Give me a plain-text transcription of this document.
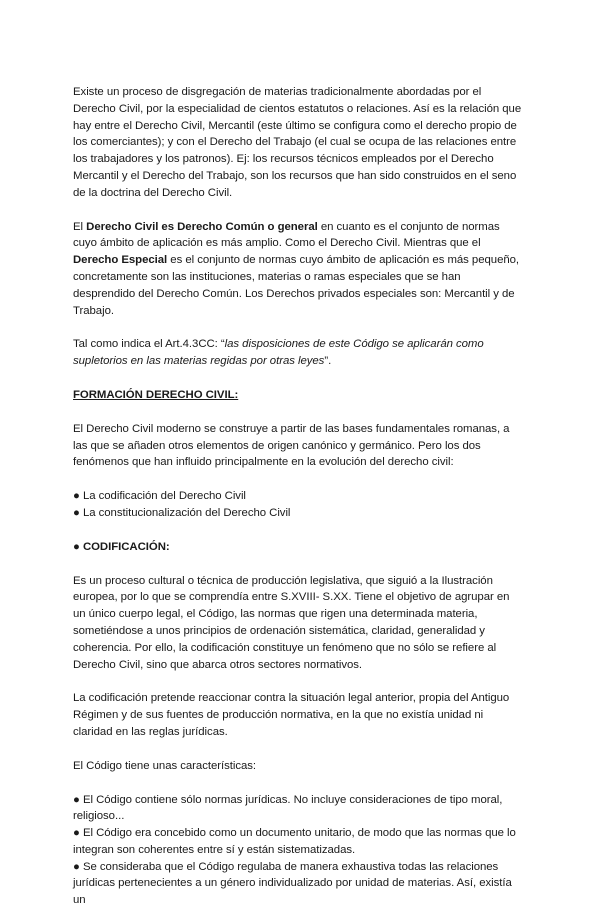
Existe un proceso de disgregación de materias tradicionalmente abordadas por el Derecho Civil, por la especialidad de cientos estatutos o relaciones. Así es la relación que hay entre el Derecho Civil, Mercantil (este último se configura como el derecho propio de los comerciantes); y con el Derecho del Trabajo (el cual se ocupa de las relaciones entre los trabajadores y los patronos). Ej: los recursos técnicos empleados por el Derecho Mercantil y el Derecho del Trabajo, son los recursos que han sido construidos en el seno de la doctrina del Derecho Civil.

El Derecho Civil es Derecho Común o general en cuanto es el conjunto de normas cuyo ámbito de aplicación es más amplio. Como el Derecho Civil. Mientras que el Derecho Especial es el conjunto de normas cuyo ámbito de aplicación es más pequeño, concretamente son las instituciones, materias o ramas especiales que se han desprendido del Derecho Común. Los Derechos privados especiales son: Mercantil y de Trabajo.

Tal como indica el Art.4.3CC: “las disposiciones de este Código se aplicarán como supletorios en las materias regidas por otras leyes”.

FORMACIÓN DERECHO CIVIL:

El Derecho Civil moderno se construye a partir de las bases fundamentales romanas, a las que se añaden otros elementos de origen canónico y germánico. Pero los dos fenómenos que han influido principalmente en la evolución del derecho civil:

● La codificación del Derecho Civil

● La constitucionalización del Derecho Civil

● CODIFICACIÓN:

Es un proceso cultural o técnica de producción legislativa, que siguió a la Ilustración europea, por lo que se comprendía entre S.XVIII- S.XX. Tiene el objetivo de agrupar en un único cuerpo legal, el Código, las normas que rigen una determinada materia, sometiéndose a unos principios de ordenación sistemática, claridad, generalidad y coherencia. Por ello, la codificación constituye un fenómeno que no sólo se refiere al Derecho Civil, sino que abarca otros sectores normativos.

La codificación pretende reaccionar contra la situación legal anterior, propia del Antiguo Régimen y de sus fuentes de producción normativa, en la que no existía unidad ni claridad en las reglas jurídicas.

El Código tiene unas características:

● El Código contiene sólo normas jurídicas. No incluye consideraciones de tipo moral, religioso...

● El Código era concebido como un documento unitario, de modo que las normas que lo integran son coherentes entre sí y están sistematizadas.

● Se consideraba que el Código regulaba de manera exhaustiva todas las relaciones jurídicas pertenecientes a un género individualizado por unidad de materias. Así, existía un
